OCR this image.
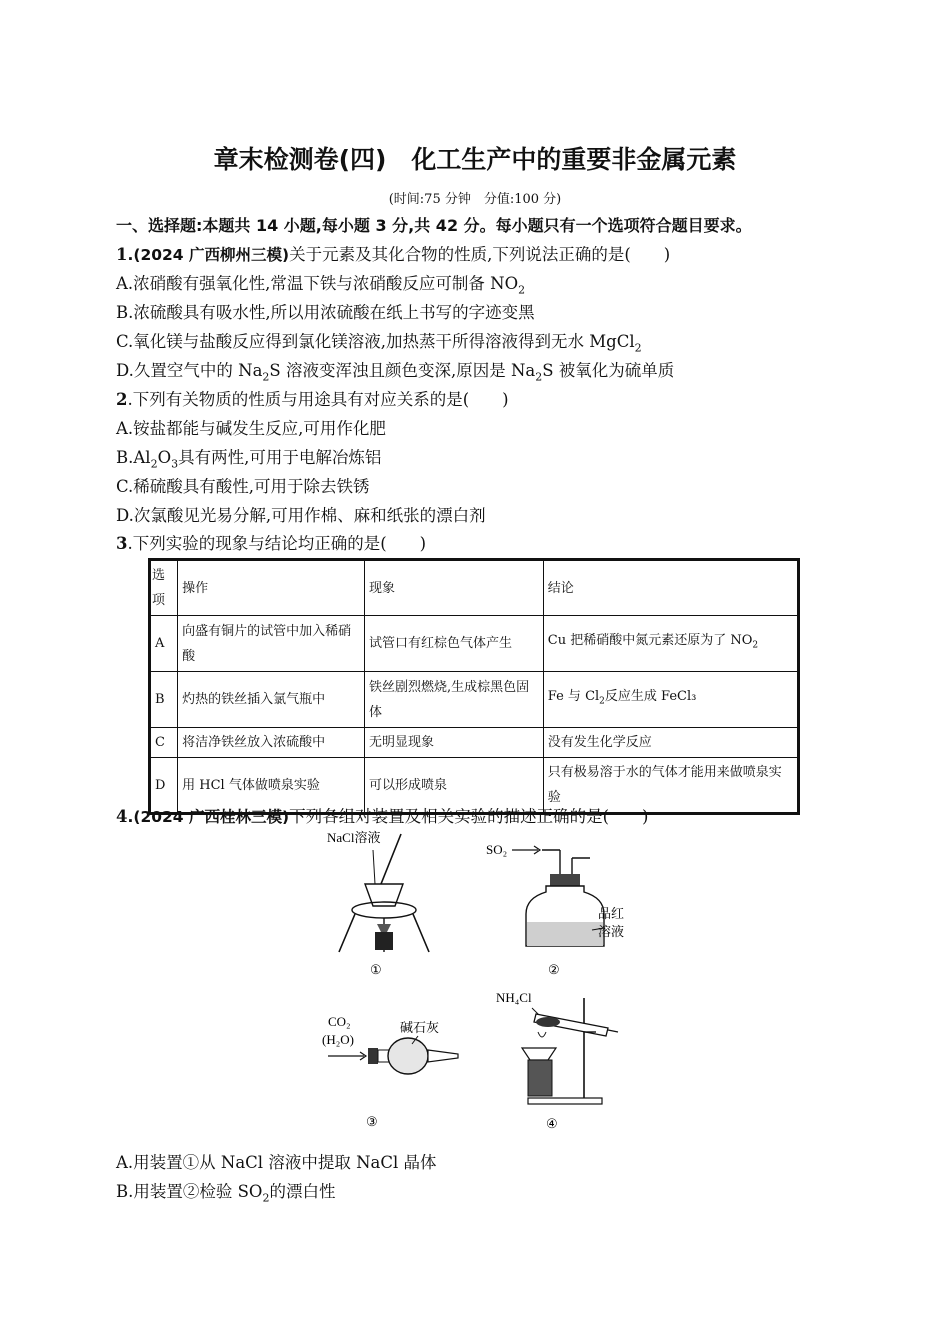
章末检测卷(四)　化工生产中的重要非金属元素
(时间:75 分钟　分值:100 分)
一、选择题:本题共 14 小题,每小题 3 分,共 42 分。每小题只有一个选项符合题目要求。
1.(2024 广西柳州三模)关于元素及其化合物的性质,下列说法正确的是(　　)
A.浓硝酸有强氧化性,常温下铁与浓硝酸反应可制备 $NO_2$
B.浓硫酸具有吸水性,所以用浓硫酸在纸上书写的字迹变黑
C.氧化镁与盐酸反应得到氯化镁溶液,加热蒸干所得溶液得到无水 MgCl$_2$
D.久置空气中的 $Na_2S$ 溶液变浑浊且颜色变深,原因是 $Na_2S$ 被氧化为硫单质
2.下列有关物质的性质与用途具有对应关系的是(　　)
A.铵盐都能与碱发生反应,可用作化肥
$B.Al_2O_3$具有两性,可用于电解冶炼铝
C.稀硫酸具有酸性,可用于除去铁锈
D.次氯酸见光易分解,可用作棉、麻和纸张的漂白剂
3.下列实验的现象与结论均正确的是(　　)
选项	操作	现象	结论
A	向盛有铜片的试管中加入稀硝酸	试管口有红棕色气体产生	Cu 把稀硝酸中氮元素还原为了 $NO_2$
B	灼热的铁丝插入氯气瓶中	铁丝剧烈燃烧,生成棕黑色固体	Fe 与 $Cl_2$反应生成 FeCl₃
C	将洁净铁丝放入浓硫酸中	无明显现象	没有发生化学反应
D	用 HCl 气体做喷泉实验	可以形成喷泉	只有极易溶于水的气体才能用来做喷泉实验
4.(2024 广西桂林三模)下列各组对装置及相关实验的描述正确的是(　　)
NaCl溶液
①
SO₂
品红
溶液
②
CO₂
(H₂O)
碱石灰
③
NH₄Cl
④
A.用装置①从 NaCl 溶液中提取 NaCl 晶体
B.用装置②检验 $SO_2$的漂白性
